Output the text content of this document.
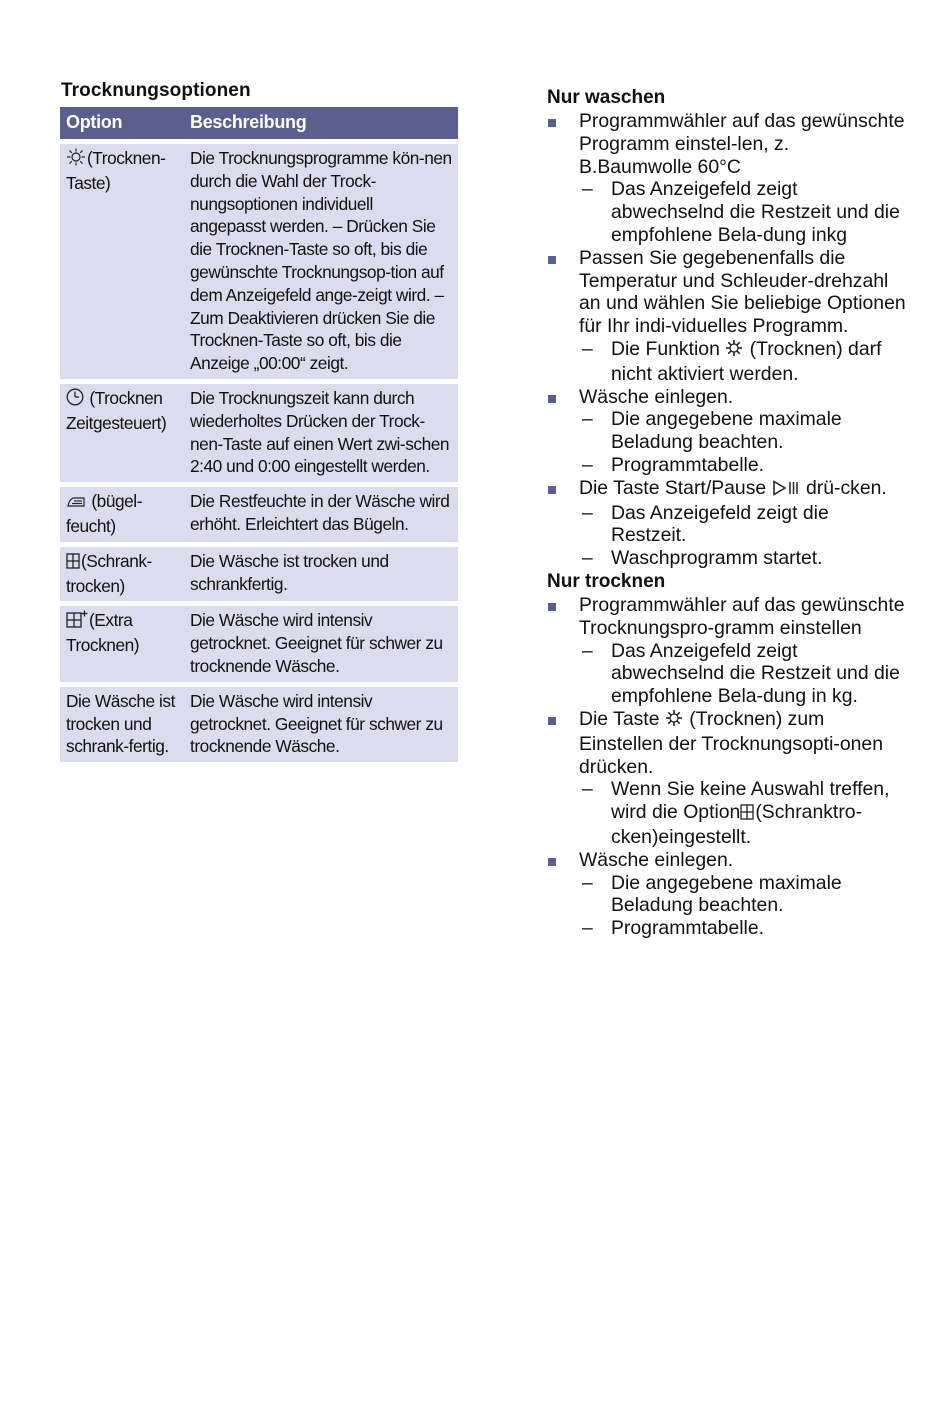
Trocknungsoptionen
Option	Beschreibung
(Trocknen-Taste)	Die Trocknungsprogramme kön-nen durch die Wahl der Trock-nungsoptionen individuell angepasst werden. – Drücken Sie die Trocknen-Taste so oft, bis die gewünschte Trocknungsop-tion auf dem Anzeigefeld ange-zeigt wird. – Zum Deaktivieren drücken Sie die Trocknen-Taste so oft, bis die Anzeige „00:00“ zeigt.
(Trocknen Zeitgesteuert)	Die Trocknungszeit kann durch wiederholtes Drücken der Trock-nen-Taste auf einen Wert zwi-schen 2:40 und 0:00 eingestellt werden.
(bügel-feucht)	Die Restfeuchte in der Wäsche wird erhöht. Erleichtert das Bügeln.
(Schrank-trocken)	Die Wäsche ist trocken und schrankfertig.
(Extra Trocknen)	Die Wäsche wird intensiv getrocknet. Geeignet für schwer zu trocknende Wäsche.
Die Wäsche ist trocken und schrank-fertig.	Die Wäsche wird intensiv getrocknet. Geeignet für schwer zu trocknende Wäsche.
Nur waschen
Programmwähler auf das gewünschte Programm einstel-len, z. B.Baumwolle 60°C
– Das Anzeigefeld zeigt abwechselnd die Restzeit und die empfohlene Bela-dung inkg
Passen Sie gegebenenfalls die Temperatur und Schleuder-drehzahl an und wählen Sie beliebige Optionen für Ihr indi-viduelles Programm.
– Die Funktion (Trocknen) darf nicht aktiviert werden.
Wäsche einlegen.
– Die angegebene maximale Beladung beachten.
– Programmtabelle.
Die Taste Start/Pause drü-cken.
– Das Anzeigefeld zeigt die Restzeit.
– Waschprogramm startet.
Nur trocknen
Programmwähler auf das gewünschte Trocknungspro-gramm einstellen
– Das Anzeigefeld zeigt abwechselnd die Restzeit und die empfohlene Bela-dung in kg.
Die Taste (Trocknen) zum Einstellen der Trocknungsopti-onen drücken.
– Wenn Sie keine Auswahl treffen, wird die Option (Schranktro-cken)eingestellt.
Wäsche einlegen.
– Die angegebene maximale Beladung beachten.
– Programmtabelle.
